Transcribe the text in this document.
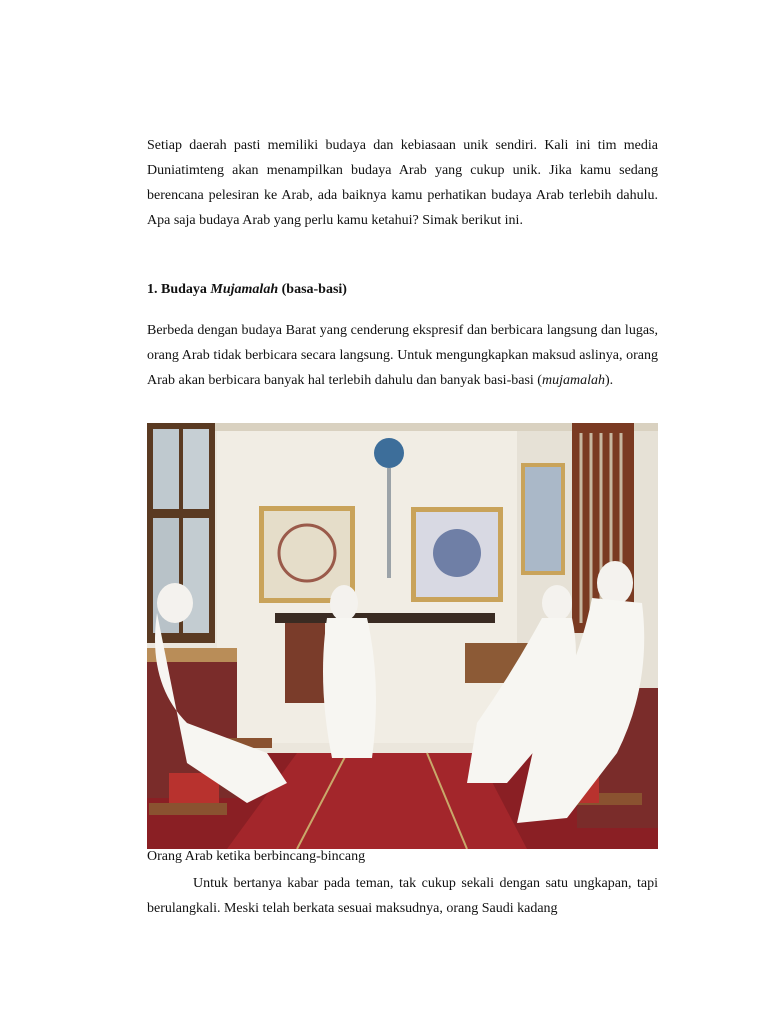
Setiap daerah pasti memiliki budaya dan kebiasaan unik sendiri. Kali ini tim media Duniatimteng akan menampilkan budaya Arab yang cukup unik. Jika kamu sedang berencana pelesiran ke Arab, ada baiknya kamu perhatikan budaya Arab terlebih dahulu. Apa saja budaya Arab yang perlu kamu ketahui? Simak berikut ini.

1. Budaya Mujamalah (basa-basi)

Berbeda dengan budaya Barat yang cenderung ekspresif dan berbicara langsung dan lugas, orang Arab tidak berbicara secara langsung. Untuk mengungkapkan maksud aslinya, orang Arab akan berbicara banyak hal terlebih dahulu dan banyak basi-basi (mujamalah).

Orang Arab ketika berbincang-bincang

Untuk bertanya kabar pada teman, tak cukup sekali dengan satu ungkapan, tapi berulangkali. Meski telah berkata sesuai maksudnya, orang Saudi kadang
